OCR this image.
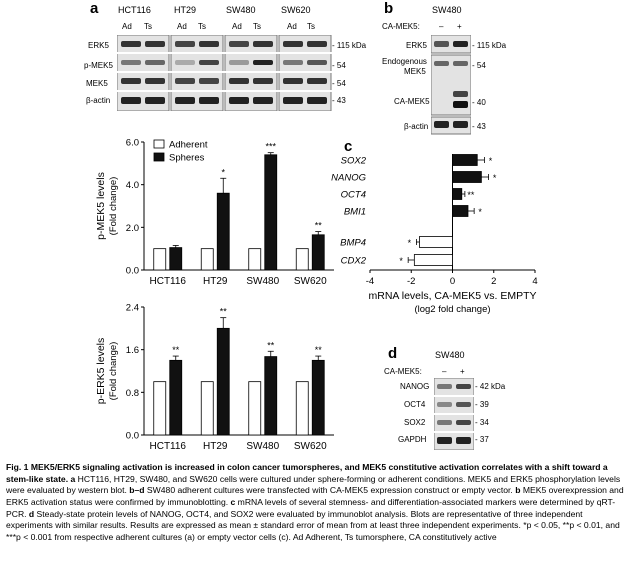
a	b
c
d
HCT116	HT29	SW480	SW620
Ad Ts	Ad Ts	Ad Ts	Ad Ts
ERK5
p-MEK5
MEK5
β-actin
- 115 kDa
- 54
- 54
- 43
SW480
CA-MEK5: – +
ERK5
Endogenous
MEK5
CA-MEK5
β-actin
- 115 kDa
- 54
- 40
- 43
0.0
2.0
4.0
6.0
p-MEK5 levels (Fold change)
HCT116
*
HT29
***
SW480
**
SW620
Adherent
Spheres
0.0
0.8
1.6
2.4
p-ERK5 levels (Fold change)	**
HCT116
**
HT29
**
SW480
**
SW620
-4	-2	0	2	4
*
SOX2
*
NANOG
**
OCT4
*
BMI1
*
BMP4
*
CDX2
mRNA levels, CA-MEK5 vs. EMPTY
(log2 fold change)
SW480
CA-MEK5:	– +
NANOG
OCT4
SOX2
GAPDH
- 42 kDa
- 39
- 34
- 37
Fig. 1 MEK5/ERK5 signaling activation is increased in colon cancer tumorspheres, and MEK5 constitutive activation correlates with a shift toward a stem-like state. a HCT116, HT29, SW480, and SW620 cells were cultured under sphere-forming or adherent conditions. MEK5 and ERK5 phosphorylation levels were evaluated by western blot. b–d SW480 adherent cultures were transfected with CA-MEK5 expression construct or empty vector. b MEK5 overexpression and ERK5 activation status were confirmed by immunoblotting. c mRNA levels of several stemness- and differentiation-associated markers were determined by qRT-PCR. d Steady-state protein levels of NANOG, OCT4, and SOX2 were evaluated by immunoblot analysis. Blots are representative of three independent experiments with similar results. Results are expressed as mean ± standard error of mean from at least three independent experiments. *p < 0.05, **p < 0.01, and ***p < 0.001 from respective adherent cultures (a) or empty vector cells (c). Ad Adherent, Ts tumorsphere, CA constitutively active
